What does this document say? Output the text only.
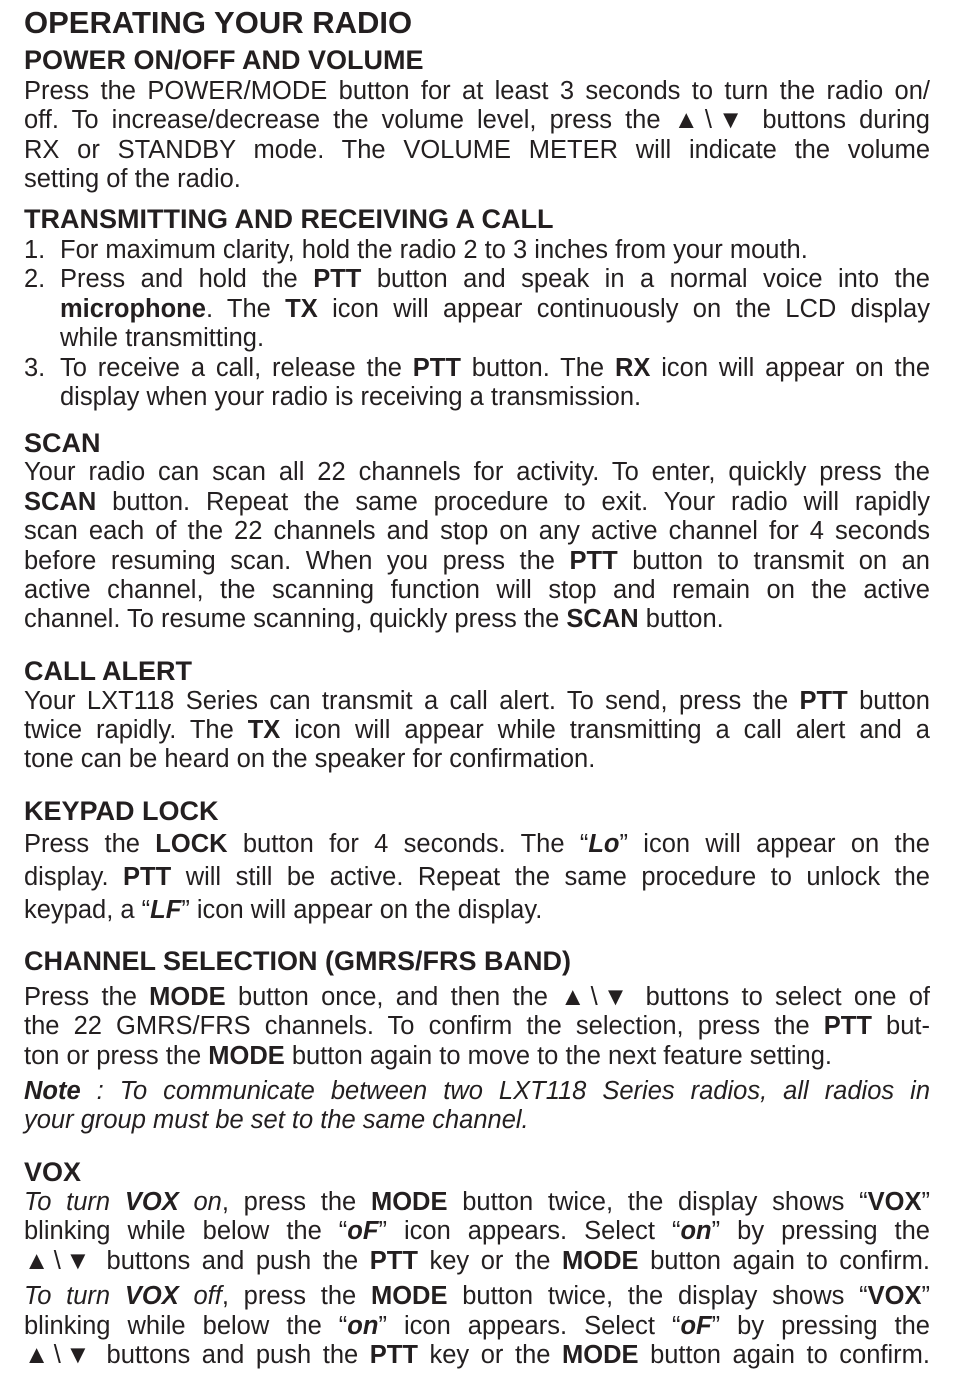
OPERATING YOUR RADIO
POWER ON/OFF AND VOLUME
Press the POWER/MODE button for at least 3 seconds to turn the radio on/
off. To increase/decrease the volume level, press the ▲\▼ buttons during
RX or STANDBY mode. The VOLUME METER will indicate the volume
setting of the radio.
TRANSMITTING AND RECEIVING A CALL
1. For maximum clarity, hold the radio 2 to 3 inches from your mouth.
2. Press and hold the PTT button and speak in a normal voice into the
microphone. The TX icon will appear continuously on the LCD display
while transmitting.
3. To receive a call, release the PTT button. The RX icon will appear on the
display when your radio is receiving a transmission.
SCAN
Your radio can scan all 22 channels for activity. To enter, quickly press the
SCAN button. Repeat the same procedure to exit. Your radio will rapidly
scan each of the 22 channels and stop on any active channel for 4 seconds
before resuming scan. When you press the PTT button to transmit on an
active channel, the scanning function will stop and remain on the active
channel. To resume scanning, quickly press the SCAN button.
CALL ALERT
Your LXT118 Series can transmit a call alert. To send, press the PTT button
twice rapidly. The TX icon will appear while transmitting a call alert and a
tone can be heard on the speaker for confirmation.
KEYPAD LOCK
Press the LOCK button for 4 seconds. The “Lo” icon will appear on the
display. PTT will still be active. Repeat the same procedure to unlock the
keypad, a “LF” icon will appear on the display.
CHANNEL SELECTION (GMRS/FRS BAND)
Press the MODE button once, and then the ▲\▼ buttons to select one of
the 22 GMRS/FRS channels. To confirm the selection, press the PTT but-
ton or press the MODE button again to move to the next feature setting.
Note : To communicate between two LXT118 Series radios, all radios in
your group must be set to the same channel.
VOX
To turn VOX on, press the MODE button twice, the display shows “VOX”
blinking while below the “oF” icon appears. Select “on” by pressing the
▲\▼ buttons and push the PTT key or the MODE button again to confirm.
To turn VOX off, press the MODE button twice, the display shows “VOX”
blinking while below the “on” icon appears. Select “oF” by pressing the
▲\▼ buttons and push the PTT key or the MODE button again to confirm.
